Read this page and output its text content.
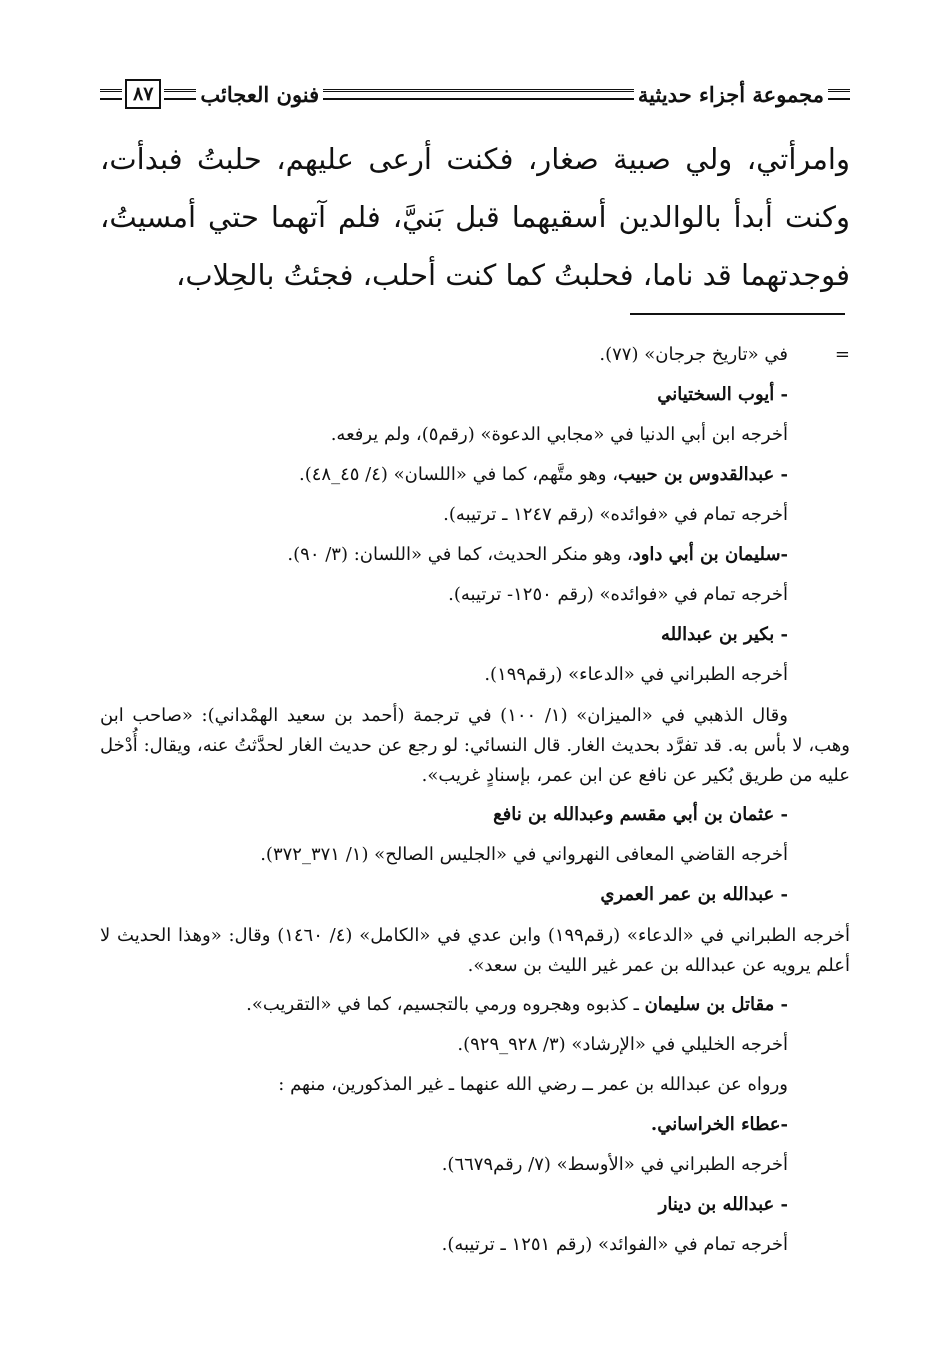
مجموعة أجزاء حديثية
فنون العجائب
٨٧

وامرأتي، ولي صبية صغار، فكنت أرعى عليهم، حلبتُ فبدأت، وكنت أبدأ بالوالدين أسقيهما قبل بَنيَّ، فلم آتهما حتي أمسيتُ، فوجدتهما قد ناما، فحلبتُ كما كنت أحلب، فجئتُ بالحِلاب،

=

في «تاريخ جرجان» (٧٧).

- أيوب السختياني

أخرجه ابن أبي الدنيا في «مجابي الدعوة» (رقم٥)، ولم يرفعه.

- عبدالقدوس بن حبيب، وهو متَّهم، كما في «اللسان» (٤/ ٤٥_٤٨).

أخرجه تمام في «فوائده» (رقم ١٢٤٧ ـ ترتيبه).

-سليمان بن أبي داود، وهو منكر الحديث، كما في «اللسان: (٣/ ٩٠).

أخرجه تمام في «فوائده» (رقم ١٢٥٠- ترتيبه).

- بكير بن عبدالله

أخرجه الطبراني في «الدعاء» (رقم١٩٩).

وقال الذهبي في «الميزان» (١/ ١٠٠) في ترجمة (أحمد بن سعيد الهمْداني): «صاحب ابن وهب، لا بأس به. قد تفرَّد بحديث الغار. قال النسائي: لو رجع عن حديث الغار لحدَّثتُ عنه، ويقال: أُدْخل عليه من طريق بُكير عن نافع عن ابن عمر، بإسنادٍ غريب».

- عثمان بن أبي مقسم وعبدالله بن نافع

أخرجه القاضي المعافى النهرواني في «الجليس الصالح» (١/ ٣٧١_٣٧٢).

- عبدالله بن عمر العمري

أخرجه الطبراني في «الدعاء» (رقم١٩٩) وابن عدي في «الكامل» (٤/ ١٤٦٠) وقال: «وهذا الحديث لا أعلم يرويه عن عبدالله بن عمر غير الليث بن سعد».

- مقاتل بن سليمان ـ كذبوه وهجروه ورمي بالتجسيم، كما في «التقريب».

أخرجه الخليلي في «الإرشاد» (٣/ ٩٢٨_٩٢٩).

ورواه عن عبدالله بن عمر ــ رضي الله عنهما ـ غير المذكورين، منهم :

-عطاء الخراساني.

أخرجه الطبراني في «الأوسط» (٧/ رقم٦٦٧٩).

- عبدالله بن دينار

أخرجه تمام في «الفوائد» (رقم ١٢٥١ ـ ترتيبه).
